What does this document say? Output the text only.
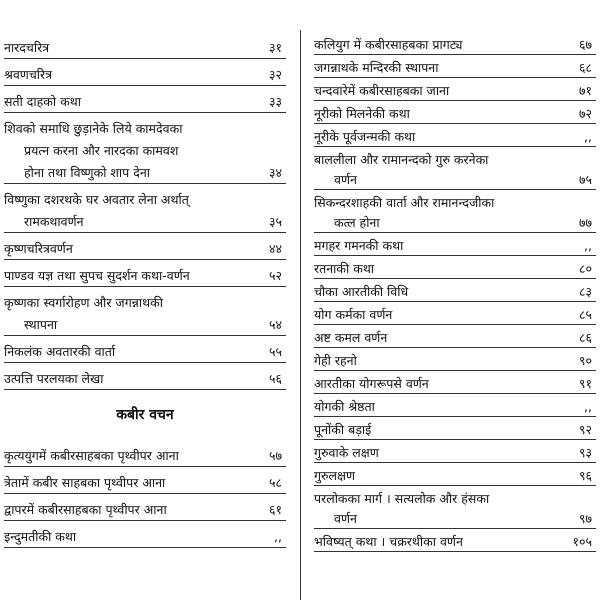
नारदचरित्र	३१
श्रवणचरित्र	३२
सती दाहको कथा	३३
शिवको समाधि छुड़ानेके लिये कामदेवका
प्रयत्न करना और नारदका कामवश
होना तथा विष्णुको शाप देना	३४
विष्णुका दशरथके घर अवतार लेना अर्थात्
रामकथावर्णन	३५
कृष्णचरित्रवर्णन	४४
पाण्डव यज्ञ तथा सुपच सुदर्शन कथा-वर्णन	५२
कृष्णका स्वर्गारोहण और जगन्नाथकी
स्थापना	५४
निकलंक अवतारकी वार्ता	५५
उत्पत्ति परलयका लेखा	५६
कबीर वचन
कृत्ययुगमें कबीरसाहबका पृथ्वीपर आना	५७
त्रेतामें कबीर साहबका पृथ्वीपर आना	५८
द्वापरमें कबीरसाहबका पृथ्वीपर आना	६१
इन्दुमतीकी कथा	,,
कलियुग में कबीरसाहबका प्रागट्य	६७
जगन्नाथके मन्दिरकी स्थापना	६८
चन्दवारेमें कबीरसाहबका जाना	७१
नूरीको मिलनेकी कथा	७२
नूरीके पूर्वजन्मकी कथा	,,
बाललीला और रामानन्दको गुरु करनेका
वर्णन	७५
सिकन्दरशाहकी वार्ता और रामानन्दजीका
कत्ल होना	७७
मगहर गमनकी कथा	,,
रतनाकी कथा	८०
चौका आरतीकी विधि	८३
योग कर्मका वर्णन	८५
अष्ट कमल वर्णन	८६
गेही रहनो	९०
आरतीका योगरूपसे वर्णन	९१
योगकी श्रेष्ठता	,,
पूनोंकी बड़ाई	९२
गुरुवाके लक्षण	९३
गुरुलक्षण	९६
परलोकका मार्ग । सत्यलोक और हंसका
वर्णन	९७
भविष्यत् कथा । चक्ररथीका वर्णन	१०५
